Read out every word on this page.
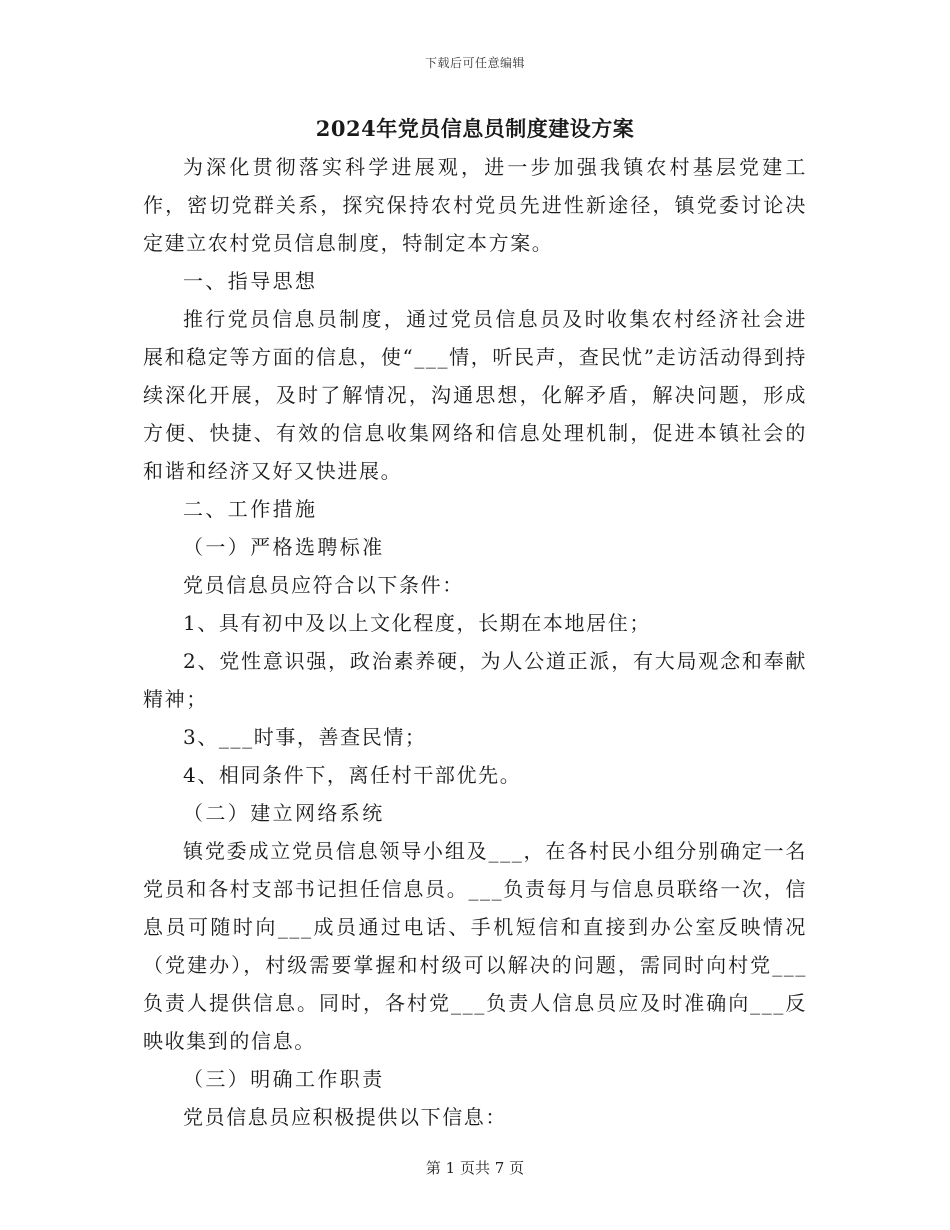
下载后可任意编辑
2024年党员信息员制度建设方案

为深化贯彻落实科学进展观，进一步加强我镇农村基层党建工作，密切党群关系，探究保持农村党员先进性新途径，镇党委讨论决定建立农村党员信息制度，特制定本方案。

一、指导思想

推行党员信息员制度，通过党员信息员及时收集农村经济社会进展和稳定等方面的信息，使“___情，听民声，查民忧”走访活动得到持续深化开展，及时了解情况，沟通思想，化解矛盾，解决问题，形成方便、快捷、有效的信息收集网络和信息处理机制，促进本镇社会的和谐和经济又好又快进展。

二、工作措施

（一）严格选聘标准

党员信息员应符合以下条件：

1、具有初中及以上文化程度，长期在本地居住；

2、党性意识强，政治素养硬，为人公道正派，有大局观念和奉献精神；

3、___时事，善查民情；

4、相同条件下，离任村干部优先。

（二）建立网络系统

镇党委成立党员信息领导小组及___，在各村民小组分别确定一名党员和各村支部书记担任信息员。___负责每月与信息员联络一次，信息员可随时向___成员通过电话、手机短信和直接到办公室反映情况（党建办），村级需要掌握和村级可以解决的问题，需同时向村党___负责人提供信息。同时，各村党___负责人信息员应及时准确向___反映收集到的信息。

（三）明确工作职责

党员信息员应积极提供以下信息：

第 1 页共 7 页
